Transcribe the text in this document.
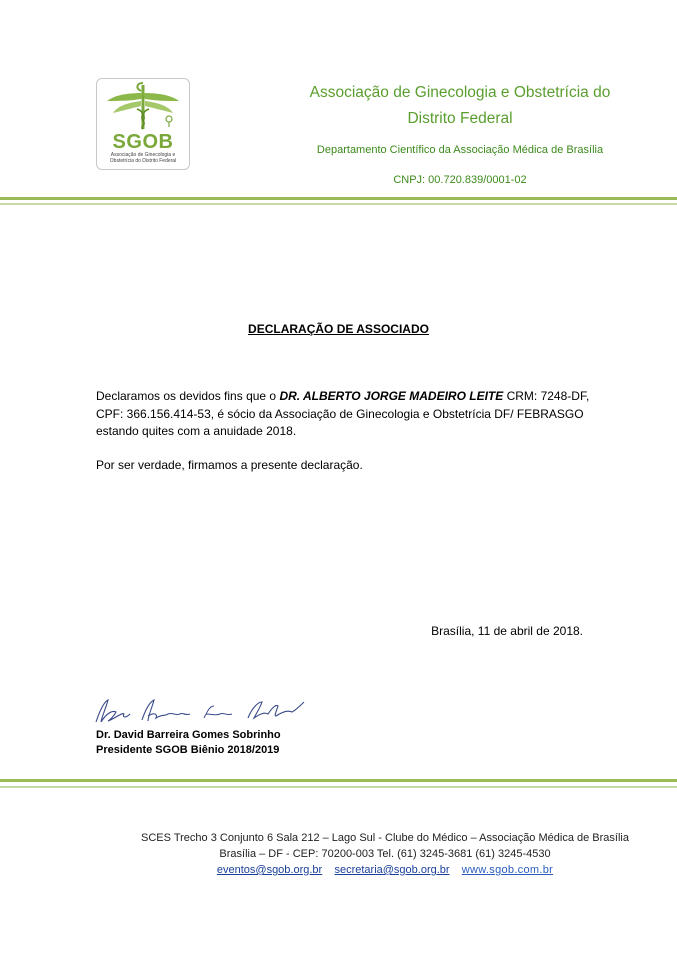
SGOB
Associação de Ginecologia e Obstetrícia do Distrito Federal
Associação de Ginecologia e Obstetrícia do
Distrito Federal
Departamento Científico da Associação Médica de Brasília
CNPJ: 00.720.839/0001-02
DECLARAÇÃO DE ASSOCIADO
Declaramos os devidos fins que o DR. ALBERTO JORGE MADEIRO LEITE CRM: 7248-DF, CPF: 366.156.414-53, é sócio da Associação de Ginecologia e Obstetrícia DF/ FEBRASGO estando quites com a anuidade 2018.
Por ser verdade, firmamos a presente declaração.
Brasília, 11 de abril de 2018.
Dr. David Barreira Gomes Sobrinho
Presidente SGOB Biênio 2018/2019
SCES Trecho 3 Conjunto 6 Sala 212 – Lago Sul - Clube do Médico – Associação Médica de Brasília
Brasília – DF - CEP: 70200-003 Tel. (61) 3245-3681 (61) 3245-4530
eventos@sgob.org.br secretaria@sgob.org.br www.sgob.com.br
